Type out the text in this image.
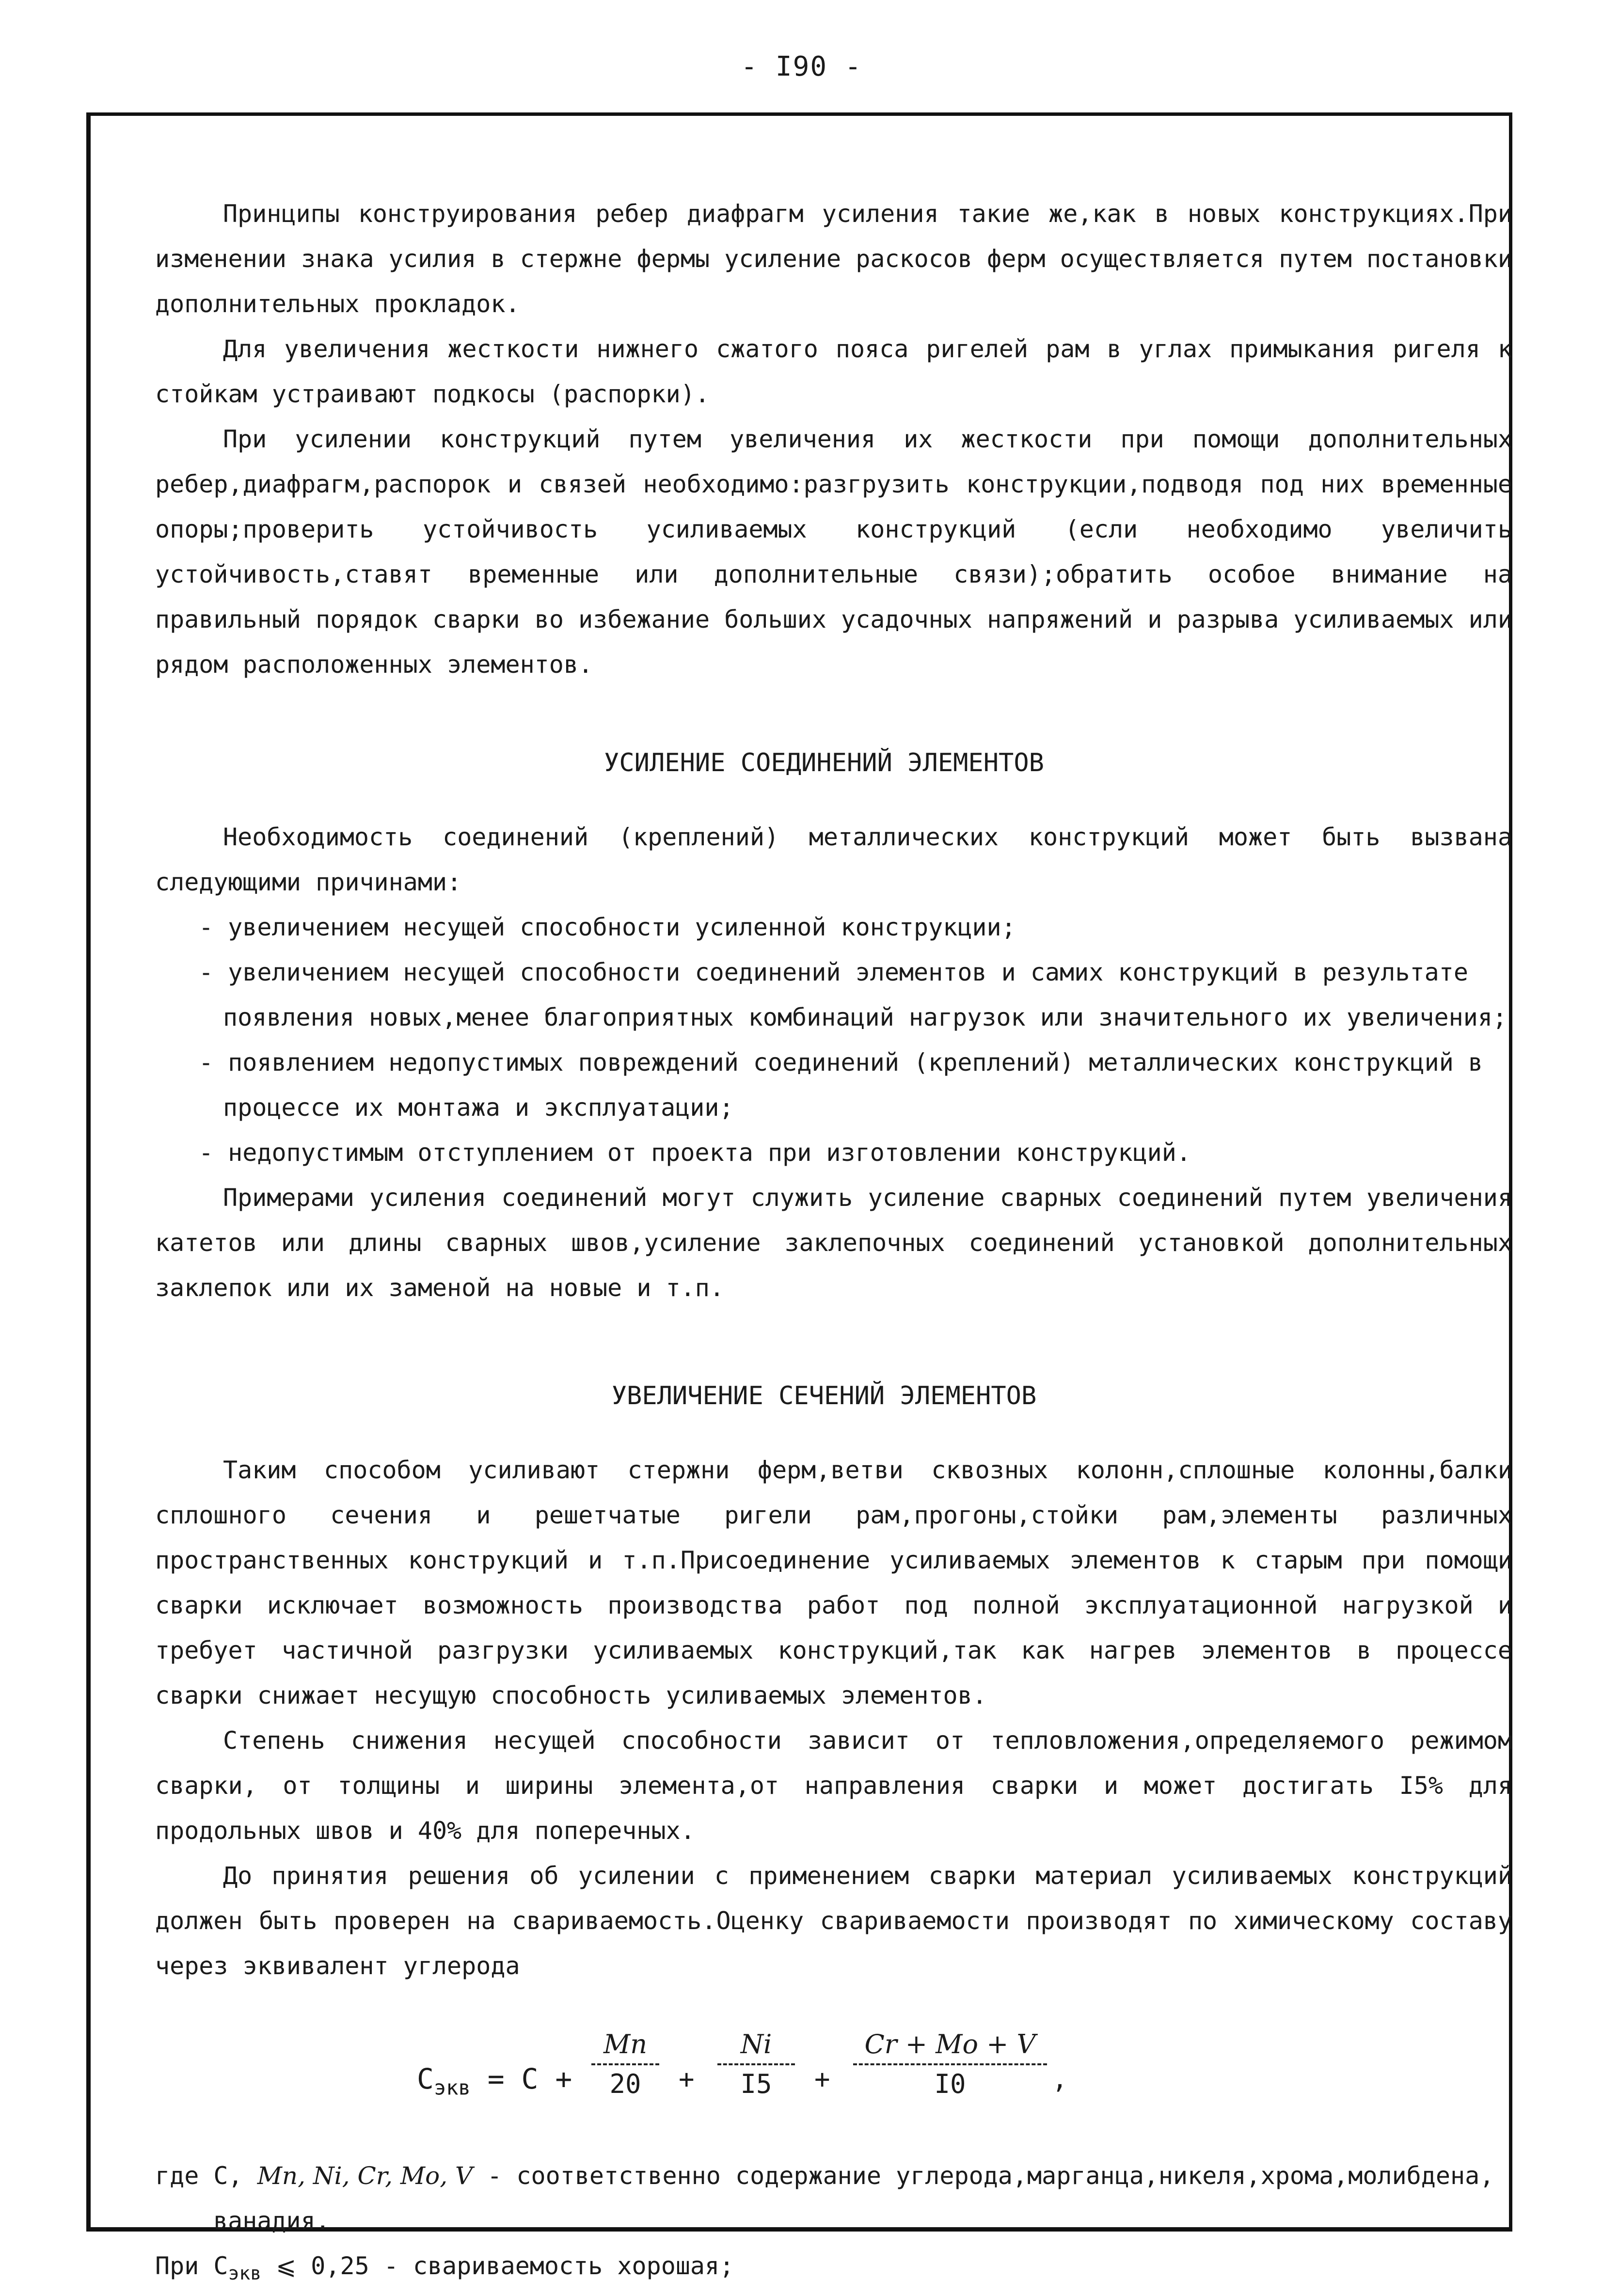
- I90 -

Принципы конструирования ребер диафрагм усиления такие же,как в новых конструкциях.При изменении знака усилия в стержне фермы усиление раскосов ферм осуществляется путем постановки дополнительных прокладок.

Для увеличения жесткости нижнего сжатого пояса ригелей рам в углах примыкания ригеля к стойкам устраивают подкосы (распорки).

При усилении конструкций путем увеличения их жесткости при помощи дополнительных ребер,диафрагм,распорок и связей необходимо:разгрузить конструкции,подводя под них временные опоры;проверить устойчивость усиливаемых конструкций (если необходимо увеличить устойчивость,ставят временные или дополнительные связи);обратить особое внимание на правильный порядок сварки во избежание больших усадочных напряжений и разрыва усиливаемых или рядом расположенных элементов.

УСИЛЕНИЕ СОЕДИНЕНИЙ ЭЛЕМЕНТОВ

Необходимость соединений (креплений) металлических конструкций может быть вызвана следующими причинами:

- увеличением несущей способности усиленной конструкции;

- увеличением несущей способности соединений элементов и самих конструкций в результате появления новых,менее благоприятных комбинаций нагрузок или значительного их увеличения;

- появлением недопустимых повреждений соединений (креплений) металлических конструкций в процессе их монтажа и эксплуатации;

- недопустимым отступлением от проекта при изготовлении конструкций.

Примерами усиления соединений могут служить усиление сварных соединений путем увеличения катетов или длины сварных швов,усиление заклепочных соединений установкой дополнительных заклепок или их заменой на новые и т.п.

УВЕЛИЧЕНИЕ СЕЧЕНИЙ ЭЛЕМЕНТОВ

Таким способом усиливают стержни ферм,ветви сквозных колонн,сплошные колонны,балки сплошного сечения и решетчатые ригели рам,прогоны,стойки рам,элементы различных пространственных конструкций и т.п.Присоединение усиливаемых элементов к старым при помощи сварки исключает возможность производства работ под полной эксплуатационной нагрузкой и требует частичной разгрузки усиливаемых конструкций,так как нагрев элементов в процессе сварки снижает несущую способность усиливаемых элементов.

Степень снижения несущей способности зависит от тепловложения,определяемого режимом сварки, от толщины и ширины элемента,от направления сварки и может достигать I5% для продольных швов и 40% для поперечных.

До принятия решения об усилении с применением сварки материал усиливаемых конструкций должен быть проверен на свариваемость.Оценку свариваемости производят по химическому составу через эквивалент углерода

$С_{экв} = С$ +
Mn
20	+
Ni
I5	+
Cr + Mo + V
I0	,

где С, Mn, Ni, Cr, Mo, V - соответственно содержание углерода,марганца,никеля,хрома,молибдена,

ванадия.

При $С_{экв}$ ⩽ 0,25 - свариваемость хорошая;
